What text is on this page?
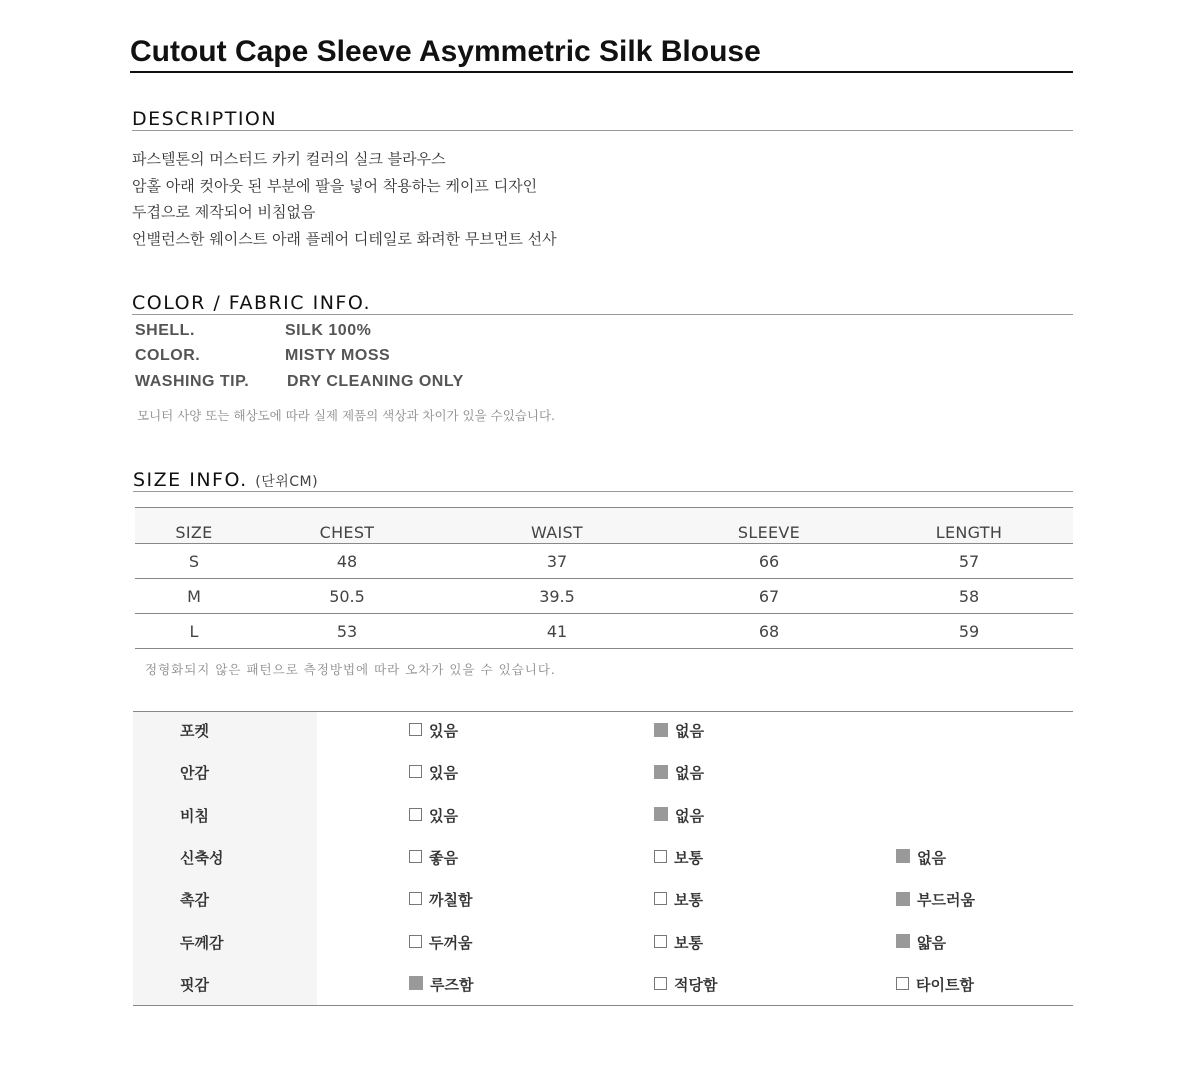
Cutout Cape Sleeve Asymmetric Silk Blouse
DESCRIPTION
파스텔톤의 머스터드 카키 컬러의 실크 블라우스
암홀 아래 컷아웃 된 부분에 팔을 넣어 착용하는 케이프 디자인
두겹으로 제작되어 비침없음
언밸런스한 웨이스트 아래 플레어 디테일로 화려한 무브먼트 선사
COLOR / FABRIC INFO.
SHELL.	SILK 100%
COLOR.	MISTY MOSS
WASHING TIP. DRY CLEANING ONLY
모니터 사양 또는 해상도에 따라 실제 제품의 색상과 차이가 있을 수있습니다.
SIZE INFO. (단위CM)
SIZE	CHEST	WAIST	SLEEVE	LENGTH
S	48	37	66	57
M	50.5	39.5	67	58
L	53	41	68	59
정형화되지 않은 패턴으로 측정방법에 따라 오차가 있을 수 있습니다.
포켓	있음	없음
안감	있음	없음
비침	있음	없음
신축성	좋음	보통	없음
촉감	까칠함	보통	부드러움
두께감	두꺼움	보통	얇음
핏감	루즈함	적당함	타이트함
